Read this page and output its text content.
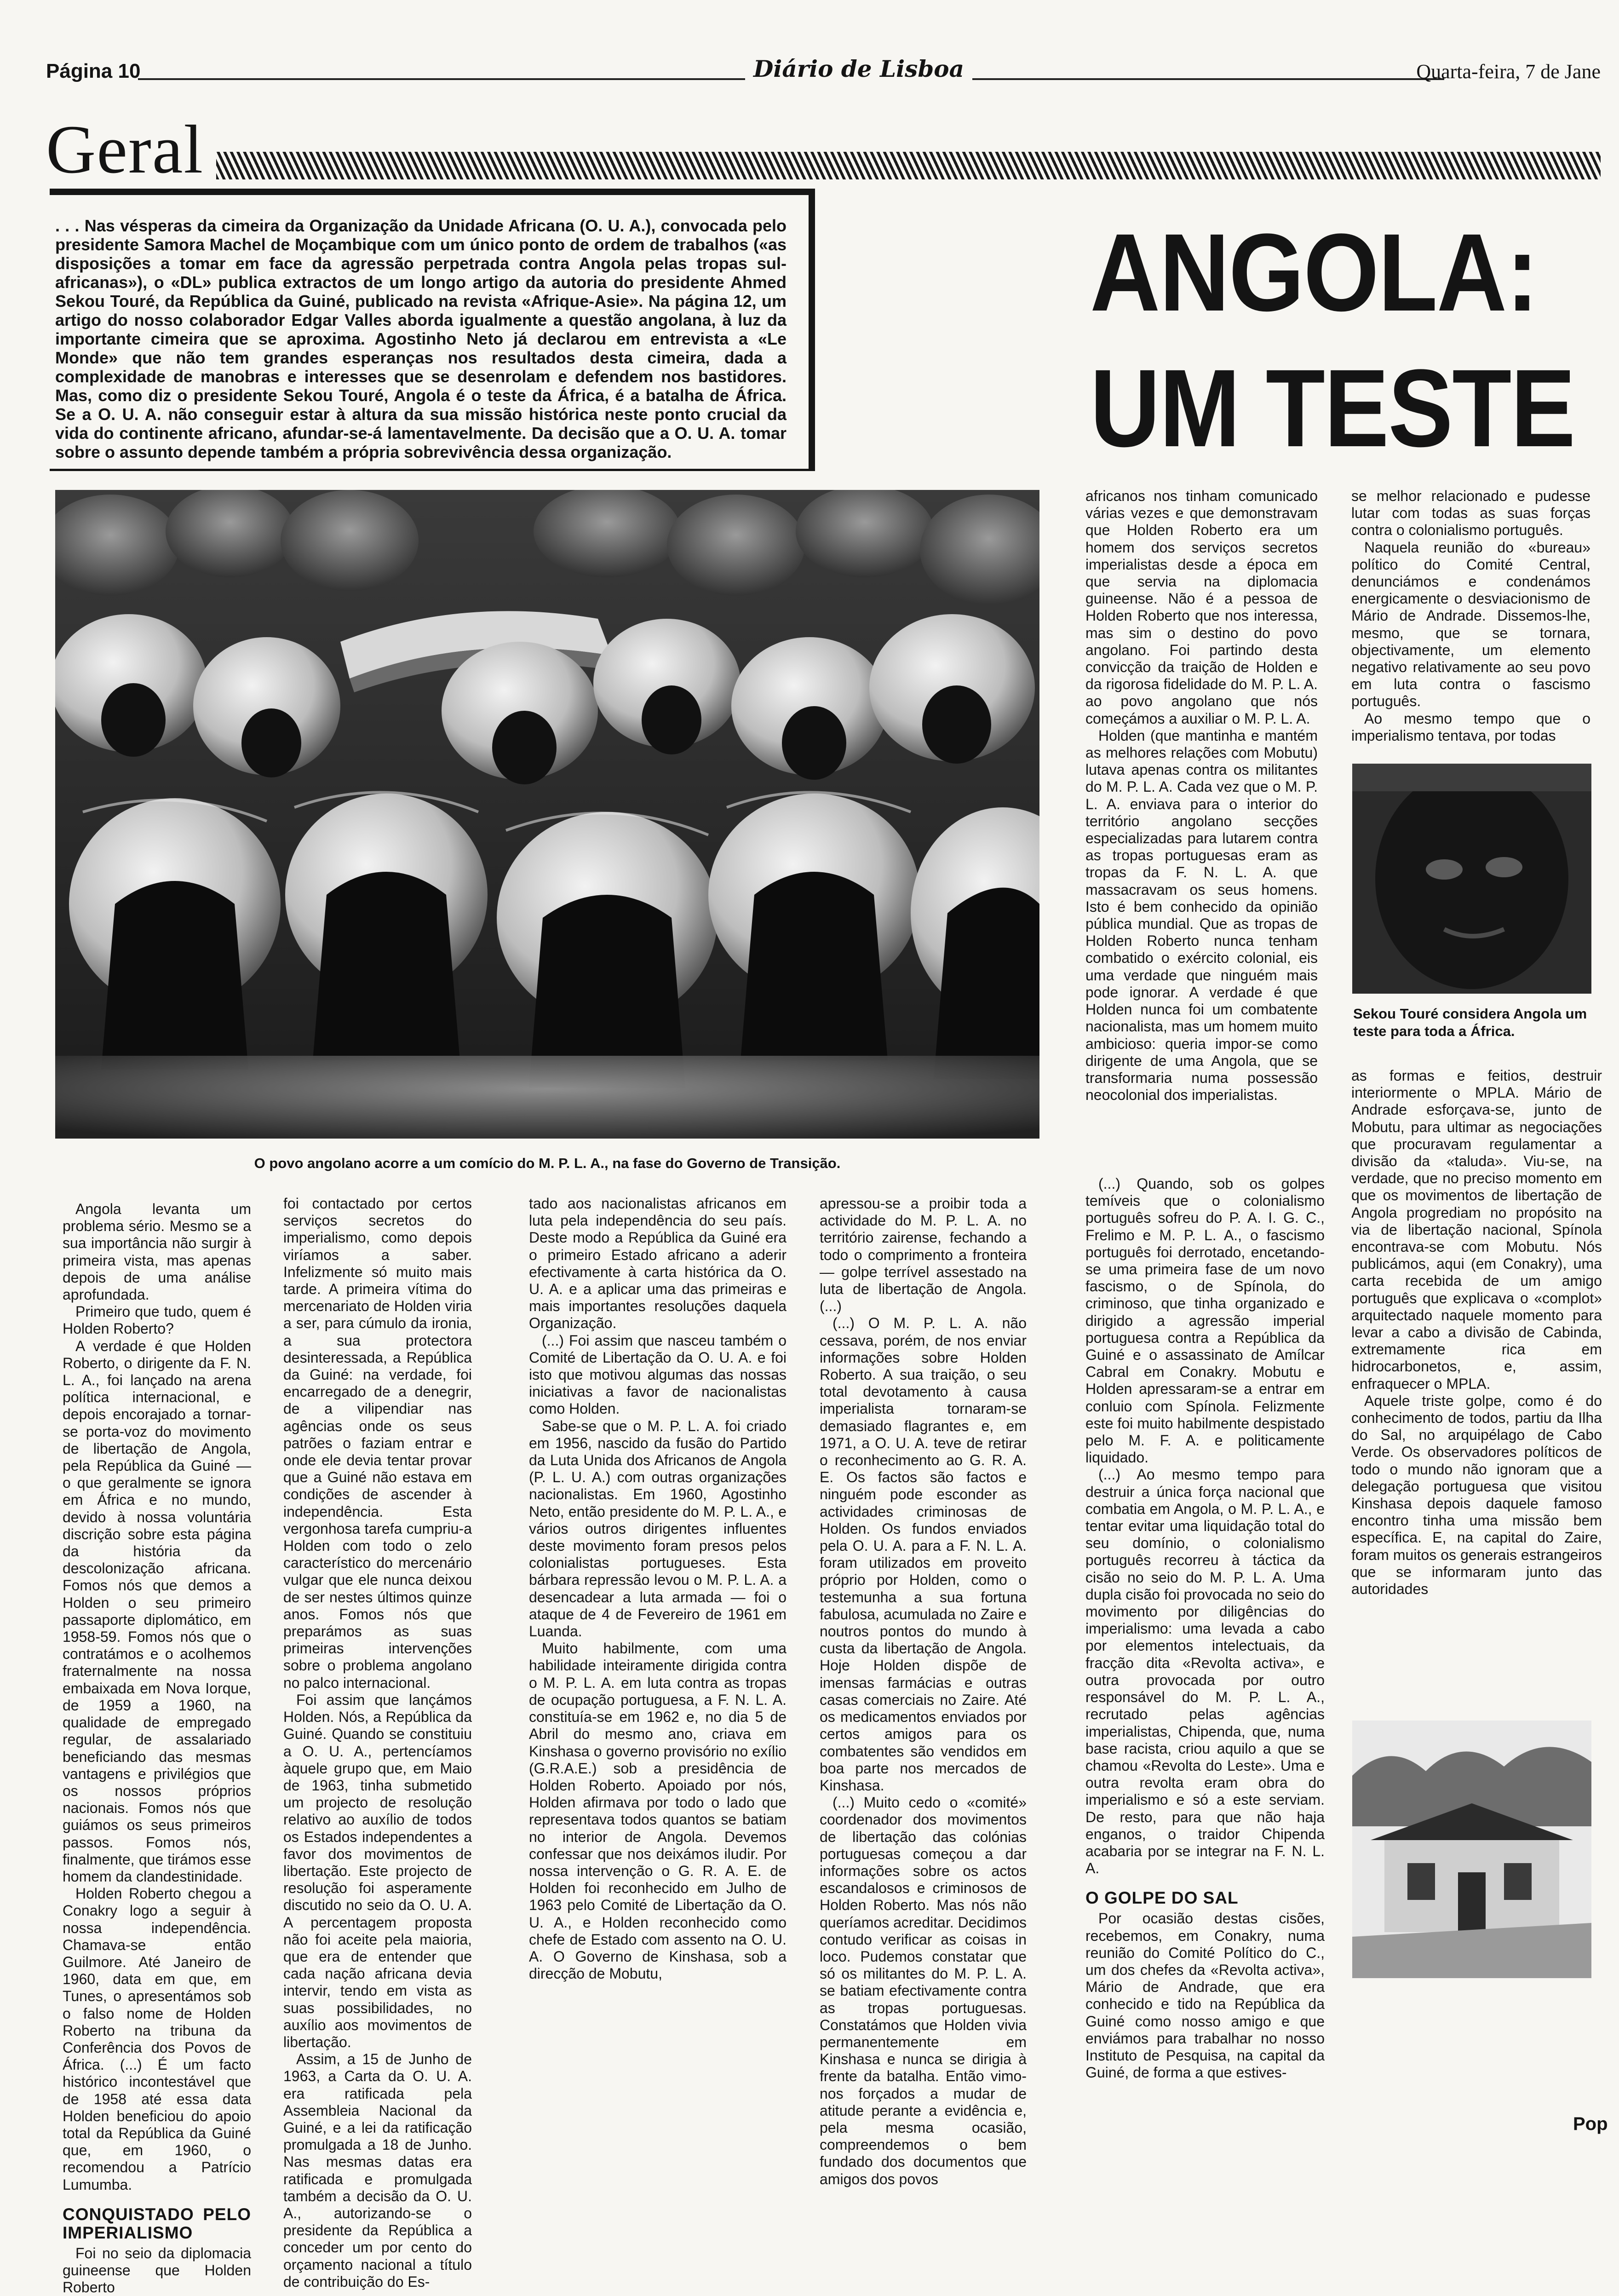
Página 10	Diário de Lisboa	Quarta-feira, 7 de Jane
Geral
. . . Nas vésperas da cimeira da Organização da Unidade Africana (O. U. A.), convocada pelo presidente Samora Machel de Moçambique com um único ponto de ordem de trabalhos («as disposições a tomar em face da agressão perpetrada contra Angola pelas tropas sul-africanas»), o «DL» publica extractos de um longo artigo da autoria do presidente Ahmed Sekou Touré, da República da Guiné, publicado na revista «Afrique-Asie». Na página 12, um artigo do nosso colaborador Edgar Valles aborda igualmente a questão angolana, à luz da importante cimeira que se aproxima. Agostinho Neto já declarou em entrevista a «Le Monde» que não tem grandes esperanças nos resultados desta cimeira, dada a complexidade de manobras e interesses que se desenrolam e defendem nos bastidores. Mas, como diz o presidente Sekou Touré, Angola é o teste da África, é a batalha de África. Se a O. U. A. não conseguir estar à altura da sua missão histórica neste ponto crucial da vida do continente africano, afundar-se-á lamentavelmente. Da decisão que a O. U. A. tomar sobre o assunto depende também a própria sobrevivência dessa organização.
ANGOLA:
UM TESTE
O povo angolano acorre a um comício do M. P. L. A., na fase do Governo de Transição.
Sekou Touré considera Angola um teste para toda a África.

Angola levanta um problema sério. Mesmo se a sua importância não surgir à primeira vista, mas apenas depois de uma análise aprofundada.

Primeiro que tudo, quem é Holden Roberto?

A verdade é que Holden Roberto, o dirigente da F. N. L. A., foi lançado na arena política internacional, e depois encorajado a tornar-se porta-voz do movimento de libertação de Angola, pela República da Guiné — o que geralmente se ignora em África e no mundo, devido à nossa voluntária discrição sobre esta página da história da descolonização africana. Fomos nós que demos a Holden o seu primeiro passaporte diplomático, em 1958-59. Fomos nós que o contratámos e o acolhemos fraternalmente na nossa embaixada em Nova Iorque, de 1959 a 1960, na qualidade de empregado regular, de assalariado beneficiando das mesmas vantagens e privilégios que os nossos próprios nacionais. Fomos nós que guiámos os seus primeiros passos. Fomos nós, finalmente, que tirámos esse homem da clandestinidade.

Holden Roberto chegou a Conakry logo a seguir à nossa independência. Chamava-se então Guilmore. Até Janeiro de 1960, data em que, em Tunes, o apresentámos sob o falso nome de Holden Roberto na tribuna da Conferência dos Povos de África. (...) É um facto histórico incontestável que de 1958 até essa data Holden beneficiou do apoio total da República da Guiné que, em 1960, o recomendou a Patrício Lumumba.

CONQUISTADO PELO IMPERIALISMO

Foi no seio da diplomacia guineense que Holden Roberto

foi contactado por certos serviços secretos do imperialismo, como depois viríamos a saber. Infelizmente só muito mais tarde. A primeira vítima do mercenariato de Holden viria a ser, para cúmulo da ironia, a sua protectora desinteressada, a República da Guiné: na verdade, foi encarregado de a denegrir, de a vilipendiar nas agências onde os seus patrões o faziam entrar e onde ele devia tentar provar que a Guiné não estava em condições de ascender à independência. Esta vergonhosa tarefa cumpriu-a Holden com todo o zelo característico do mercenário vulgar que ele nunca deixou de ser nestes últimos quinze anos. Fomos nós que preparámos as suas primeiras intervenções sobre o problema angolano no palco internacional.

Foi assim que lançámos Holden. Nós, a República da Guiné. Quando se constituiu a O. U. A., pertencíamos àquele grupo que, em Maio de 1963, tinha submetido um projecto de resolução relativo ao auxílio de todos os Estados independentes a favor dos movimentos de libertação. Este projecto de resolução foi asperamente discutido no seio da O. U. A. A percentagem proposta não foi aceite pela maioria, que era de entender que cada nação africana devia intervir, tendo em vista as suas possibilidades, no auxílio aos movimentos de libertação.

Assim, a 15 de Junho de 1963, a Carta da O. U. A. era ratificada pela Assembleia Nacional da Guiné, e a lei da ratificação promulgada a 18 de Junho. Nas mesmas datas era ratificada e promulgada também a decisão da O. U. A., autorizando-se o presidente da República a conceder um por cento do orçamento nacional a título de contribuição do Es-

tado aos nacionalistas africanos em luta pela independência do seu país. Deste modo a República da Guiné era o primeiro Estado africano a aderir efectivamente à carta histórica da O. U. A. e a aplicar uma das primeiras e mais importantes resoluções daquela Organização.

(...) Foi assim que nasceu também o Comité de Libertação da O. U. A. e foi isto que motivou algumas das nossas iniciativas a favor de nacionalistas como Holden.

Sabe-se que o M. P. L. A. foi criado em 1956, nascido da fusão do Partido da Luta Unida dos Africanos de Angola (P. L. U. A.) com outras organizações nacionalistas. Em 1960, Agostinho Neto, então presidente do M. P. L. A., e vários outros dirigentes influentes deste movimento foram presos pelos colonialistas portugueses. Esta bárbara repressão levou o M. P. L. A. a desencadear a luta armada — foi o ataque de 4 de Fevereiro de 1961 em Luanda.

Muito habilmente, com uma habilidade inteiramente dirigida contra o M. P. L. A. em luta contra as tropas de ocupação portuguesa, a F. N. L. A. constituía-se em 1962 e, no dia 5 de Abril do mesmo ano, criava em Kinshasa o governo provisório no exílio (G.R.A.E.) sob a presidência de Holden Roberto. Apoiado por nós, Holden afirmava por todo o lado que representava todos quantos se batiam no interior de Angola. Devemos confessar que nos deixámos iludir. Por nossa intervenção o G. R. A. E. de Holden foi reconhecido em Julho de 1963 pelo Comité de Libertação da O. U. A., e Holden reconhecido como chefe de Estado com assento na O. U. A. O Governo de Kinshasa, sob a direcção de Mobutu,

apressou-se a proibir toda a actividade do M. P. L. A. no território zairense, fechando a todo o comprimento a fronteira — golpe terrível assestado na luta de libertação de Angola. (...)

(...) O M. P. L. A. não cessava, porém, de nos enviar informações sobre Holden Roberto. A sua traição, o seu total devotamento à causa imperialista tornaram-se demasiado flagrantes e, em 1971, a O. U. A. teve de retirar o reconhecimento ao G. R. A. E. Os factos são factos e ninguém pode esconder as actividades criminosas de Holden. Os fundos enviados pela O. U. A. para a F. N. L. A. foram utilizados em proveito próprio por Holden, como o testemunha a sua fortuna fabulosa, acumulada no Zaire e noutros pontos do mundo à custa da libertação de Angola. Hoje Holden dispõe de imensas farmácias e outras casas comerciais no Zaire. Até os medicamentos enviados por certos amigos para os combatentes são vendidos em boa parte nos mercados de Kinshasa.

(...) Muito cedo o «comité» coordenador dos movimentos de libertação das colónias portuguesas começou a dar informações sobre os actos escandalosos e criminosos de Holden Roberto. Mas nós não queríamos acreditar. Decidimos contudo verificar as coisas in loco. Pudemos constatar que só os militantes do M. P. L. A. se batiam efectivamente contra as tropas portuguesas. Constatámos que Holden vivia permanentemente em Kinshasa e nunca se dirigia à frente da batalha. Então vimo-nos forçados a mudar de atitude perante a evidência e, pela mesma ocasião, compreendemos o bem fundado dos documentos que amigos dos povos

africanos nos tinham comunicado várias vezes e que demonstravam que Holden Roberto era um homem dos serviços secretos imperialistas desde a época em que servia na diplomacia guineense. Não é a pessoa de Holden Roberto que nos interessa, mas sim o destino do povo angolano. Foi partindo desta convicção da traição de Holden e da rigorosa fidelidade do M. P. L. A. ao povo angolano que nós começámos a auxiliar o M. P. L. A.

Holden (que mantinha e mantém as melhores relações com Mobutu) lutava apenas contra os militantes do M. P. L. A. Cada vez que o M. P. L. A. enviava para o interior do território angolano secções especializadas para lutarem contra as tropas portuguesas eram as tropas da F. N. L. A. que massacravam os seus homens. Isto é bem conhecido da opinião pública mundial. Que as tropas de Holden Roberto nunca tenham combatido o exército colonial, eis uma verdade que ninguém mais pode ignorar. A verdade é que Holden nunca foi um combatente nacionalista, mas um homem muito ambicioso: queria impor-se como dirigente de uma Angola, que se transformaria numa possessão neocolonial dos imperialistas.

(...) Quando, sob os golpes temíveis que o colonialismo português sofreu do P. A. I. G. C., Frelimo e M. P. L. A., o fascismo português foi derrotado, encetando-se uma primeira fase de um novo fascismo, o de Spínola, do criminoso, que tinha organizado e dirigido a agressão imperial portuguesa contra a República da Guiné e o assassinato de Amílcar Cabral em Conakry. Mobutu e Holden apressaram-se a entrar em conluio com Spínola. Felizmente este foi muito habilmente despistado pelo M. F. A. e politicamente liquidado.

(...) Ao mesmo tempo para destruir a única força nacional que combatia em Angola, o M. P. L. A., e tentar evitar uma liquidação total do seu domínio, o colonialismo português recorreu à táctica da cisão no seio do M. P. L. A. Uma dupla cisão foi provocada no seio do movimento por diligências do imperialismo: uma levada a cabo por elementos intelectuais, da fracção dita «Revolta activa», e outra provocada por outro responsável do M. P. L. A., recrutado pelas agências imperialistas, Chipenda, que, numa base racista, criou aquilo a que se chamou «Revolta do Leste». Uma e outra revolta eram obra do imperialismo e só a este serviam. De resto, para que não haja enganos, o traidor Chipenda acabaria por se integrar na F. N. L. A.

O GOLPE DO SAL

Por ocasião destas cisões, recebemos, em Conakry, numa reunião do Comité Político do C., um dos chefes da «Revolta activa», Mário de Andrade, que era conhecido e tido na República da Guiné como nosso amigo e que enviámos para trabalhar no nosso Instituto de Pesquisa, na capital da Guiné, de forma a que estives-

se melhor relacionado e pudesse lutar com todas as suas forças contra o colonialismo português.

Naquela reunião do «bureau» político do Comité Central, denunciámos e condenámos energicamente o desviacionismo de Mário de Andrade. Dissemos-lhe, mesmo, que se tornara, objectivamente, um elemento negativo relativamente ao seu povo em luta contra o fascismo português.

Ao mesmo tempo que o imperialismo tentava, por todas

as formas e feitios, destruir interiormente o MPLA. Mário de Andrade esforçava-se, junto de Mobutu, para ultimar as negociações que procuravam regulamentar a divisão da «taluda». Viu-se, na verdade, que no preciso momento em que os movimentos de libertação de Angola progrediam no propósito na via de libertação nacional, Spínola encontrava-se com Mobutu. Nós publicámos, aqui (em Conakry), uma carta recebida de um amigo português que explicava o «complot» arquitectado naquele momento para levar a cabo a divisão de Cabinda, extremamente rica em hidrocarbonetos, e, assim, enfraquecer o MPLA.

Aquele triste golpe, como é do conhecimento de todos, partiu da Ilha do Sal, no arquipélago de Cabo Verde. Os observadores políticos de todo o mundo não ignoram que a delegação portuguesa que visitou Kinshasa depois daquele famoso encontro tinha uma missão bem específica. E, na capital do Zaire, foram muitos os generais estrangeiros que se informaram junto das autoridades

Pop
